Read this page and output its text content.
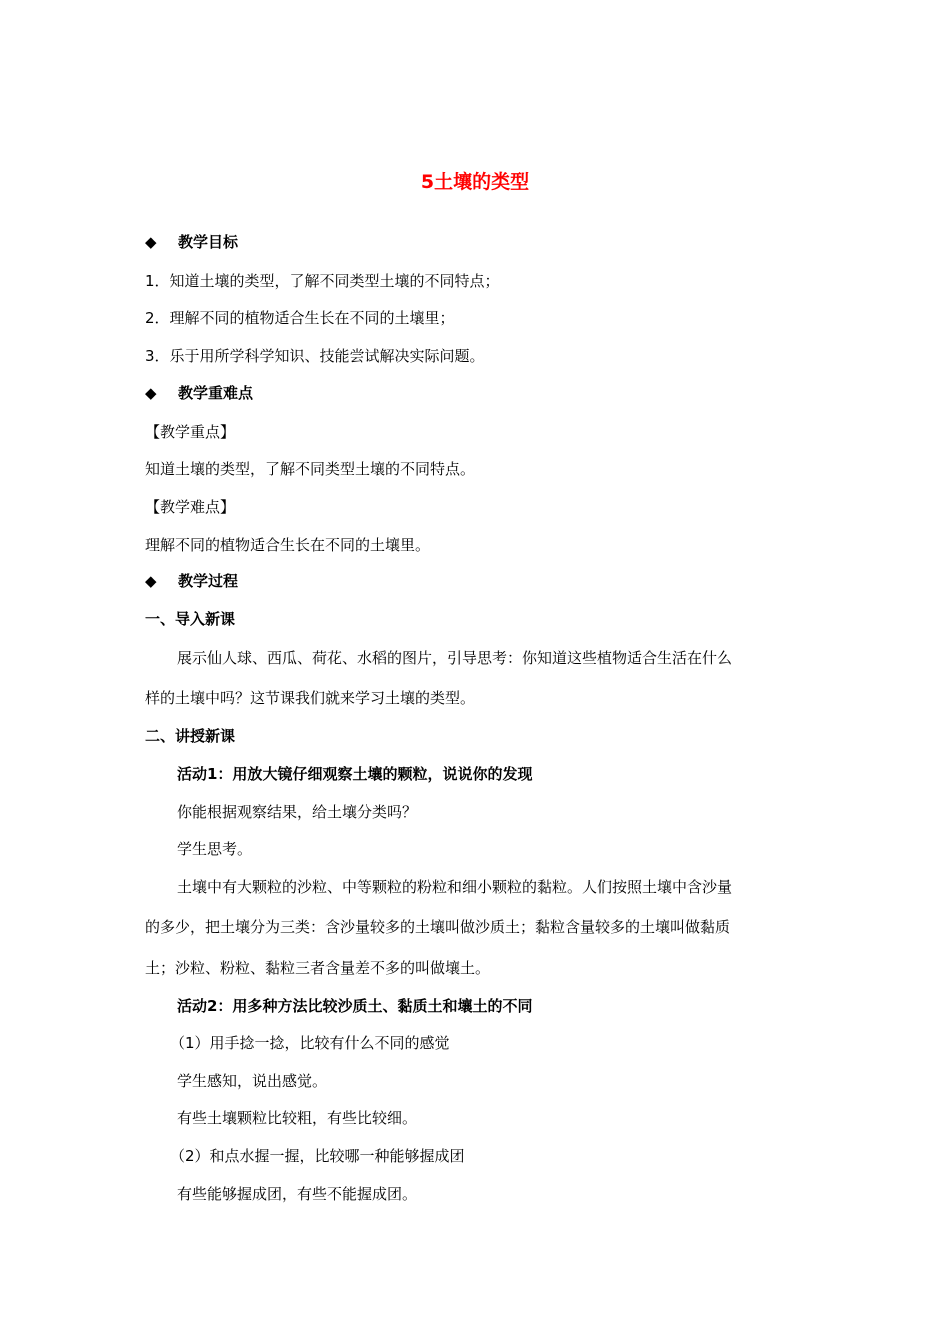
5土壤的类型
◆ 教学目标
1．知道土壤的类型，了解不同类型土壤的不同特点；
2．理解不同的植物适合生长在不同的土壤里；
3．乐于用所学科学知识、技能尝试解决实际问题。
◆ 教学重难点
【教学重点】
知道土壤的类型，了解不同类型土壤的不同特点。
【教学难点】
理解不同的植物适合生长在不同的土壤里。
◆ 教学过程
一、导入新课
展示仙人球、西瓜、荷花、水稻的图片，引导思考：你知道这些植物适合生活在什么
样的土壤中吗？这节课我们就来学习土壤的类型。
二、讲授新课
活动1：用放大镜仔细观察土壤的颗粒，说说你的发现
你能根据观察结果，给土壤分类吗？
学生思考。
土壤中有大颗粒的沙粒、中等颗粒的粉粒和细小颗粒的黏粒。人们按照土壤中含沙量
的多少，把土壤分为三类：含沙量较多的土壤叫做沙质土；黏粒含量较多的土壤叫做黏质
土；沙粒、粉粒、黏粒三者含量差不多的叫做壤土。
活动2：用多种方法比较沙质土、黏质土和壤土的不同
（1）用手捻一捻，比较有什么不同的感觉
学生感知，说出感觉。
有些土壤颗粒比较粗，有些比较细。
（2）和点水握一握，比较哪一种能够握成团
有些能够握成团，有些不能握成团。
